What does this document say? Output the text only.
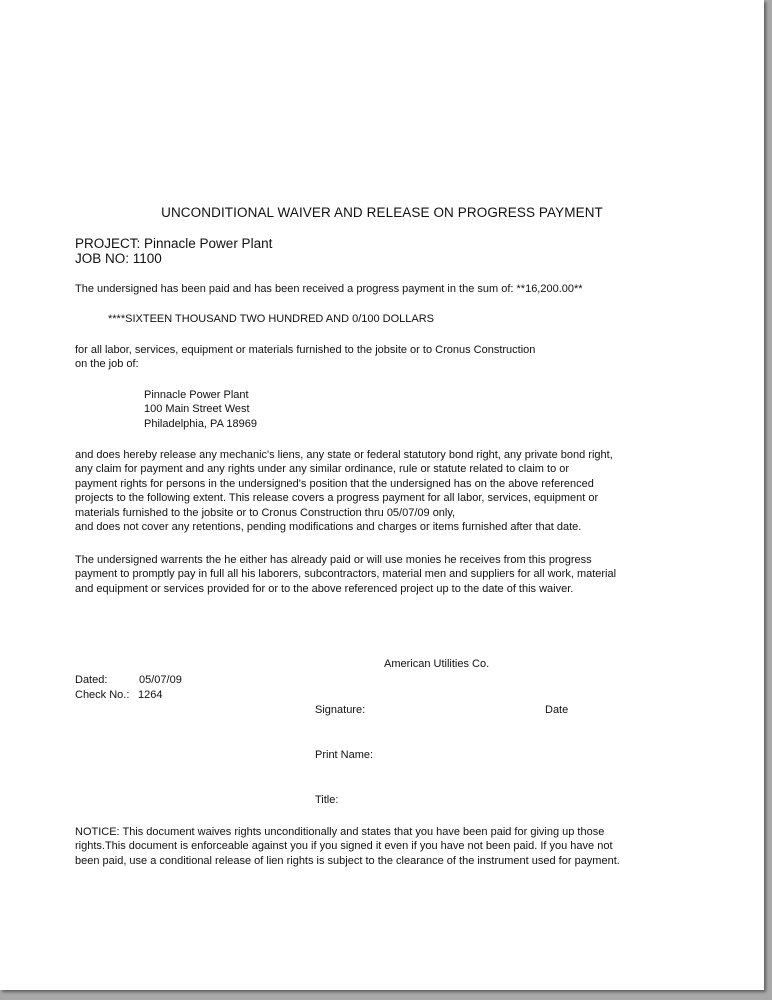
UNCONDITIONAL WAIVER AND RELEASE ON PROGRESS PAYMENT
PROJECT: Pinnacle Power Plant
JOB NO: 1100
The undersigned has been paid and has been received a progress payment in the sum of: **16,200.00**
****SIXTEEN THOUSAND TWO HUNDRED AND 0/100 DOLLARS
for all labor, services, equipment or materials furnished to the jobsite or to Cronus Construction
on the job of:
Pinnacle Power Plant
100 Main Street West
Philadelphia, PA 18969
and does hereby release any mechanic's liens, any state or federal statutory bond right, any private bond right,
any claim for payment and any rights under any similar ordinance, rule or statute related to claim to or
payment rights for persons in the undersigned's position that the undersigned has on the above referenced
projects to the following extent. This release covers a progress payment for all labor, services, equipment or
materials furnished to the jobsite or to Cronus Construction thru 05/07/09 only,
and does not cover any retentions, pending modifications and charges or items furnished after that date.
The undersigned warrents the he either has already paid or will use monies he receives from this progress
payment to promptly pay in full all his laborers, subcontractors, material men and suppliers for all work, material
and equipment or services provided for or to the above referenced project up to the date of this waiver.
American Utilities Co.
Dated:	05/07/09
Check No.: 1264
Signature:	Date
Print Name:
Title:
NOTICE: This document waives rights unconditionally and states that you have been paid for giving up those
rights.This document is enforceable against you if you signed it even if you have not been paid. If you have not
been paid, use a conditional release of lien rights is subject to the clearance of the instrument used for payment.
